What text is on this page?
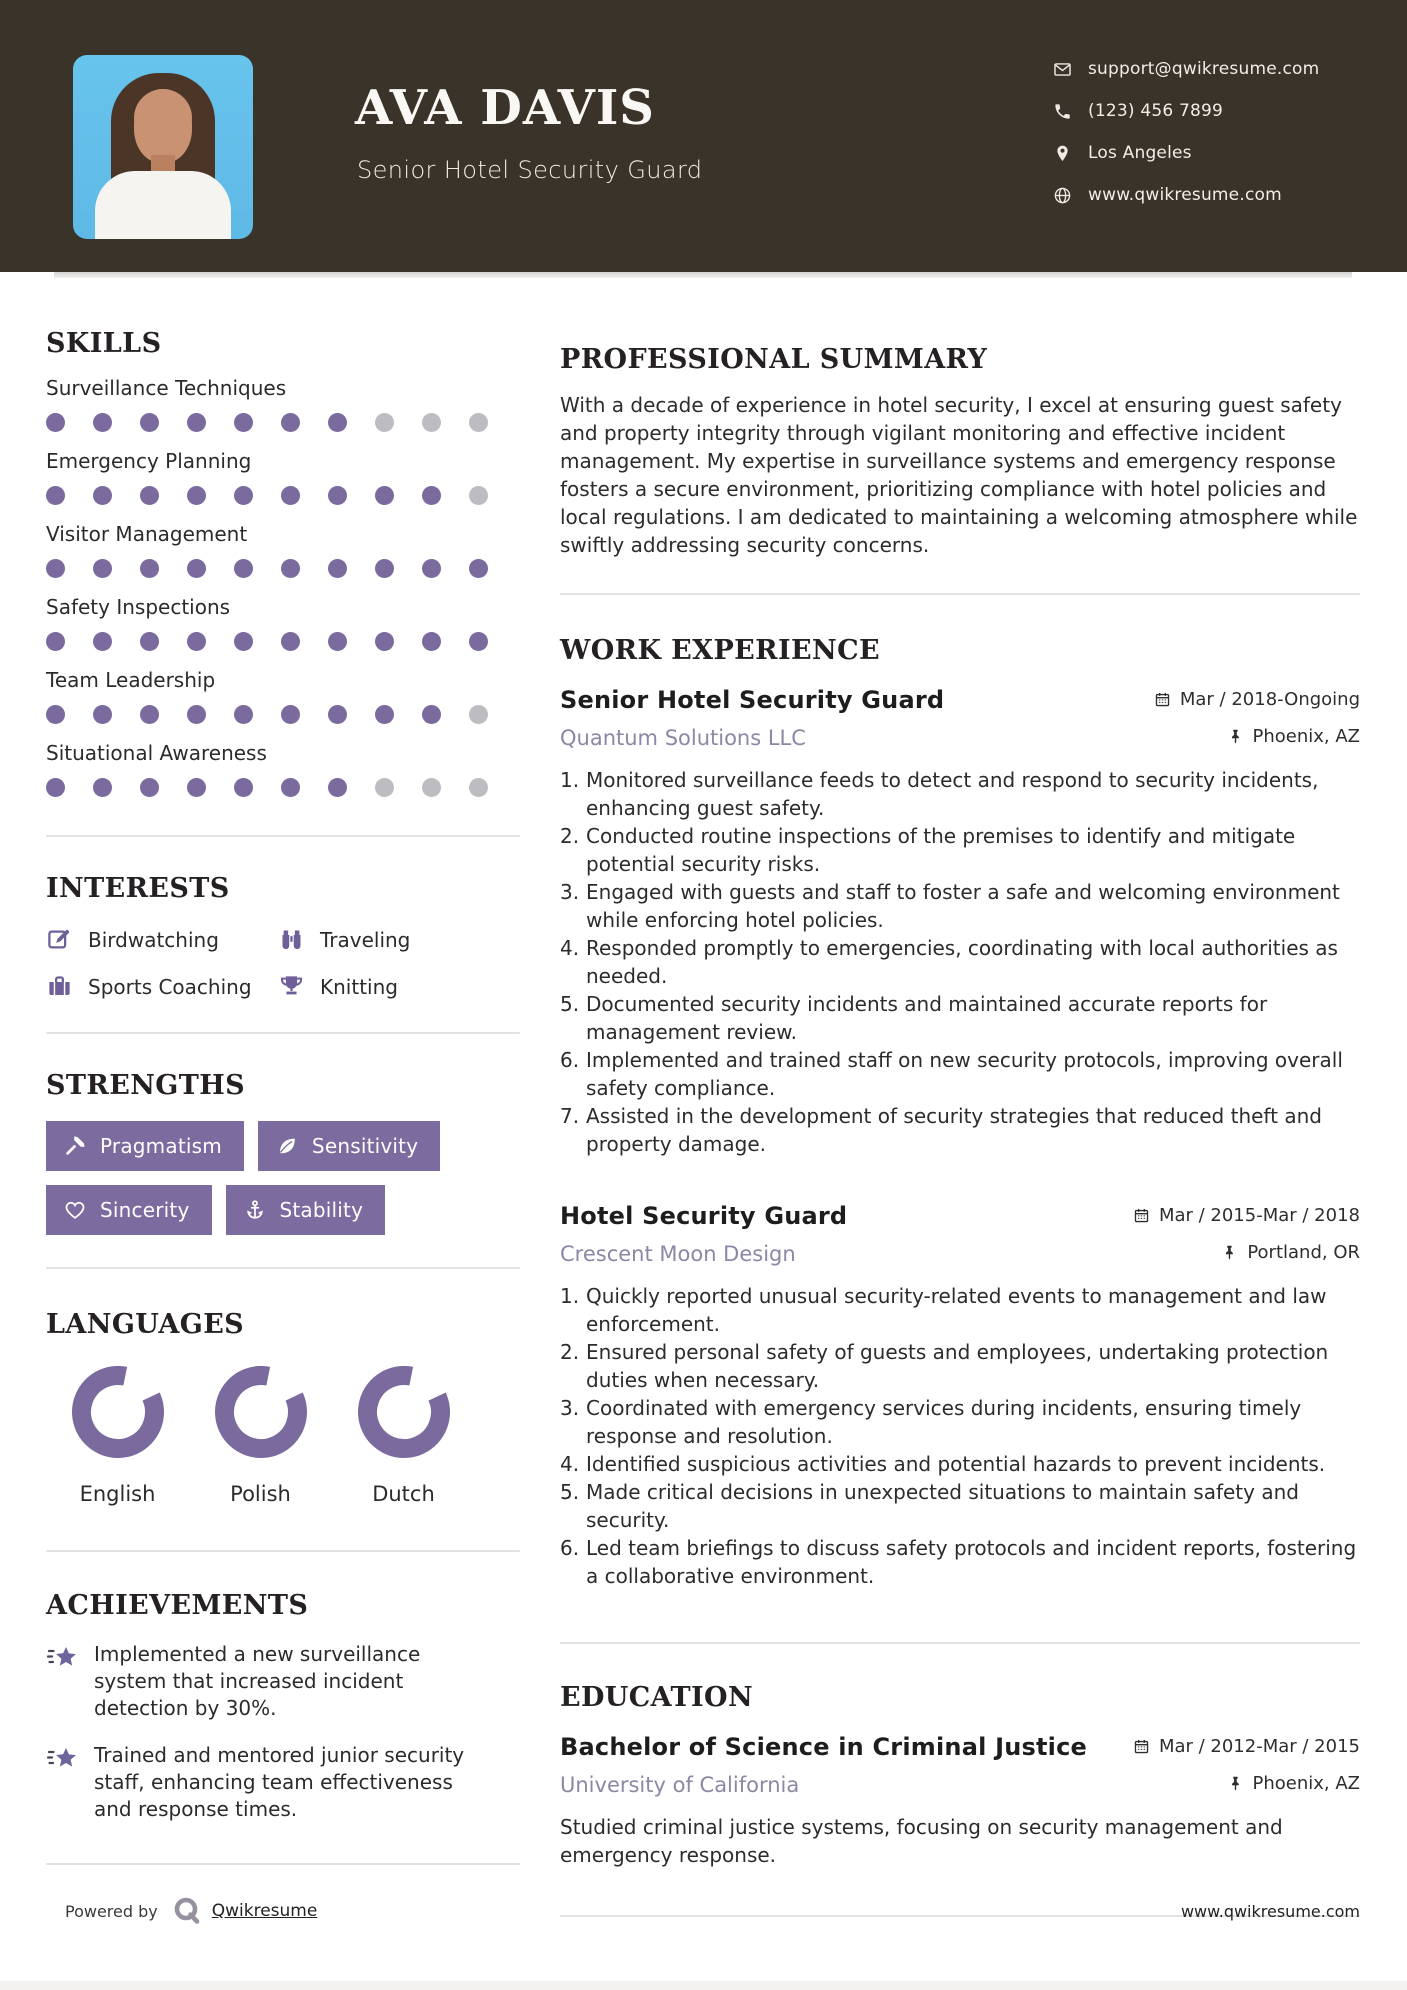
AVA DAVIS
Senior Hotel Security Guard
support@qwikresume.com
(123) 456 7899
Los Angeles
www.qwikresume.com
SKILLS
Surveillance Techniques
Emergency Planning
Visitor Management
Safety Inspections
Team Leadership
Situational Awareness
INTERESTS
Birdwatching	Traveling
Sports Coaching	Knitting
STRENGTHS
Pragmatism	Sensitivity
Sincerity	Stability
LANGUAGES
English	Polish	Dutch
ACHIEVEMENTS
Implemented a new surveillance system that increased incident detection by 30%.
Trained and mentored junior security staff, enhancing team effectiveness and response times.
PROFESSIONAL SUMMARY

With a decade of experience in hotel security, I excel at ensuring guest safety and property integrity through vigilant monitoring and effective incident management. My expertise in surveillance systems and emergency response fosters a secure environment, prioritizing compliance with hotel policies and local regulations. I am dedicated to maintaining a welcoming atmosphere while swiftly addressing security concerns.

WORK EXPERIENCE
Senior Hotel Security Guard	Mar / 2018-Ongoing
Quantum Solutions LLC	Phoenix, AZ
Monitored surveillance feeds to detect and respond to security incidents, enhancing guest safety.
Conducted routine inspections of the premises to identify and mitigate potential security risks.
Engaged with guests and staff to foster a safe and welcoming environment while enforcing hotel policies.
Responded promptly to emergencies, coordinating with local authorities as needed.
Documented security incidents and maintained accurate reports for management review.
Implemented and trained staff on new security protocols, improving overall safety compliance.
Assisted in the development of security strategies that reduced theft and property damage.
Hotel Security Guard	Mar / 2015-Mar / 2018
Crescent Moon Design	Portland, OR
Quickly reported unusual security-related events to management and law enforcement.
Ensured personal safety of guests and employees, undertaking protection duties when necessary.
Coordinated with emergency services during incidents, ensuring timely response and resolution.
Identified suspicious activities and potential hazards to prevent incidents.
Made critical decisions in unexpected situations to maintain safety and security.
Led team briefings to discuss safety protocols and incident reports, fostering a collaborative environment.
EDUCATION
Bachelor of Science in Criminal Justice	Mar / 2012-Mar / 2015
University of California	Phoenix, AZ

Studied criminal justice systems, focusing on security management and emergency response.

Powered by	Qwikresume	www.qwikresume.com
